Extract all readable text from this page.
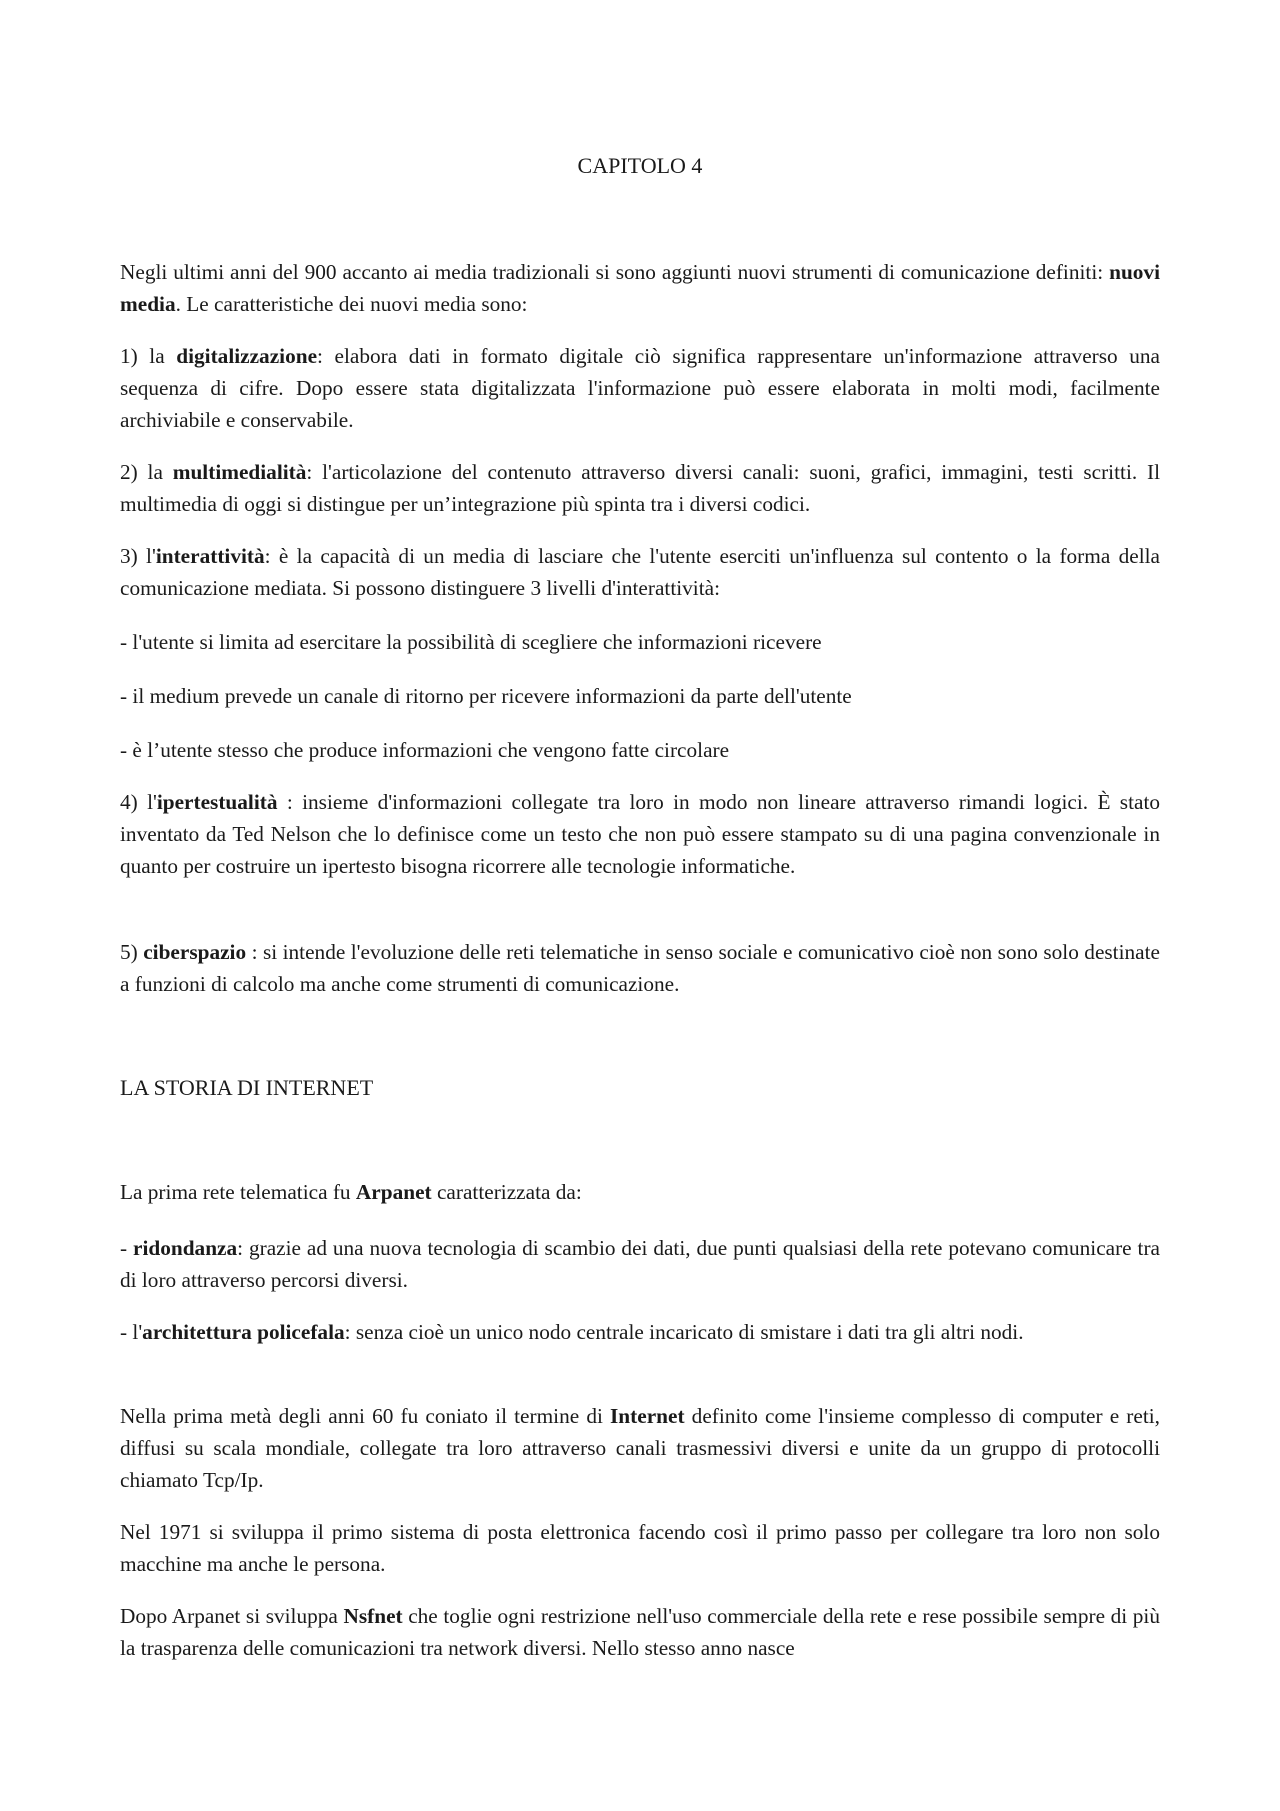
CAPITOLO 4

Negli ultimi anni del 900 accanto ai media tradizionali si sono aggiunti nuovi strumenti di comunicazione definiti: nuovi media. Le caratteristiche dei nuovi media sono:

1) la digitalizzazione: elabora dati in formato digitale ciò significa rappresentare un'informazione attraverso una sequenza di cifre. Dopo essere stata digitalizzata l'informazione può essere elaborata in molti modi, facilmente archiviabile e conservabile.

2) la multimedialità: l'articolazione del contenuto attraverso diversi canali: suoni, grafici, immagini, testi scritti. Il multimedia di oggi si distingue per un’integrazione più spinta tra i diversi codici.

3) l'interattività: è la capacità di un media di lasciare che l'utente eserciti un'influenza sul contento o la forma della comunicazione mediata. Si possono distinguere 3 livelli d'interattività:

- l'utente si limita ad esercitare la possibilità di scegliere che informazioni ricevere

- il medium prevede un canale di ritorno per ricevere informazioni da parte dell'utente

- è l’utente stesso che produce informazioni che vengono fatte circolare

4) l'ipertestualità : insieme d'informazioni collegate tra loro in modo non lineare attraverso rimandi logici. È stato inventato da Ted Nelson che lo definisce come un testo che non può essere stampato su di una pagina convenzionale in quanto per costruire un ipertesto bisogna ricorrere alle tecnologie informatiche.

5) ciberspazio : si intende l'evoluzione delle reti telematiche in senso sociale e comunicativo cioè non sono solo destinate a funzioni di calcolo ma anche come strumenti di comunicazione.

LA STORIA DI INTERNET

La prima rete telematica fu Arpanet caratterizzata da:

- ridondanza: grazie ad una nuova tecnologia di scambio dei dati, due punti qualsiasi della rete potevano comunicare tra di loro attraverso percorsi diversi.

- l'architettura policefala: senza cioè un unico nodo centrale incaricato di smistare i dati tra gli altri nodi.

Nella prima metà degli anni 60 fu coniato il termine di Internet definito come l'insieme complesso di computer e reti, diffusi su scala mondiale, collegate tra loro attraverso canali trasmessivi diversi e unite da un gruppo di protocolli chiamato Tcp/Ip.

Nel 1971 si sviluppa il primo sistema di posta elettronica facendo così il primo passo per collegare tra loro non solo macchine ma anche le persona.

Dopo Arpanet si sviluppa Nsfnet che toglie ogni restrizione nell'uso commerciale della rete e rese possibile sempre di più la trasparenza delle comunicazioni tra network diversi. Nello stesso anno nasce
